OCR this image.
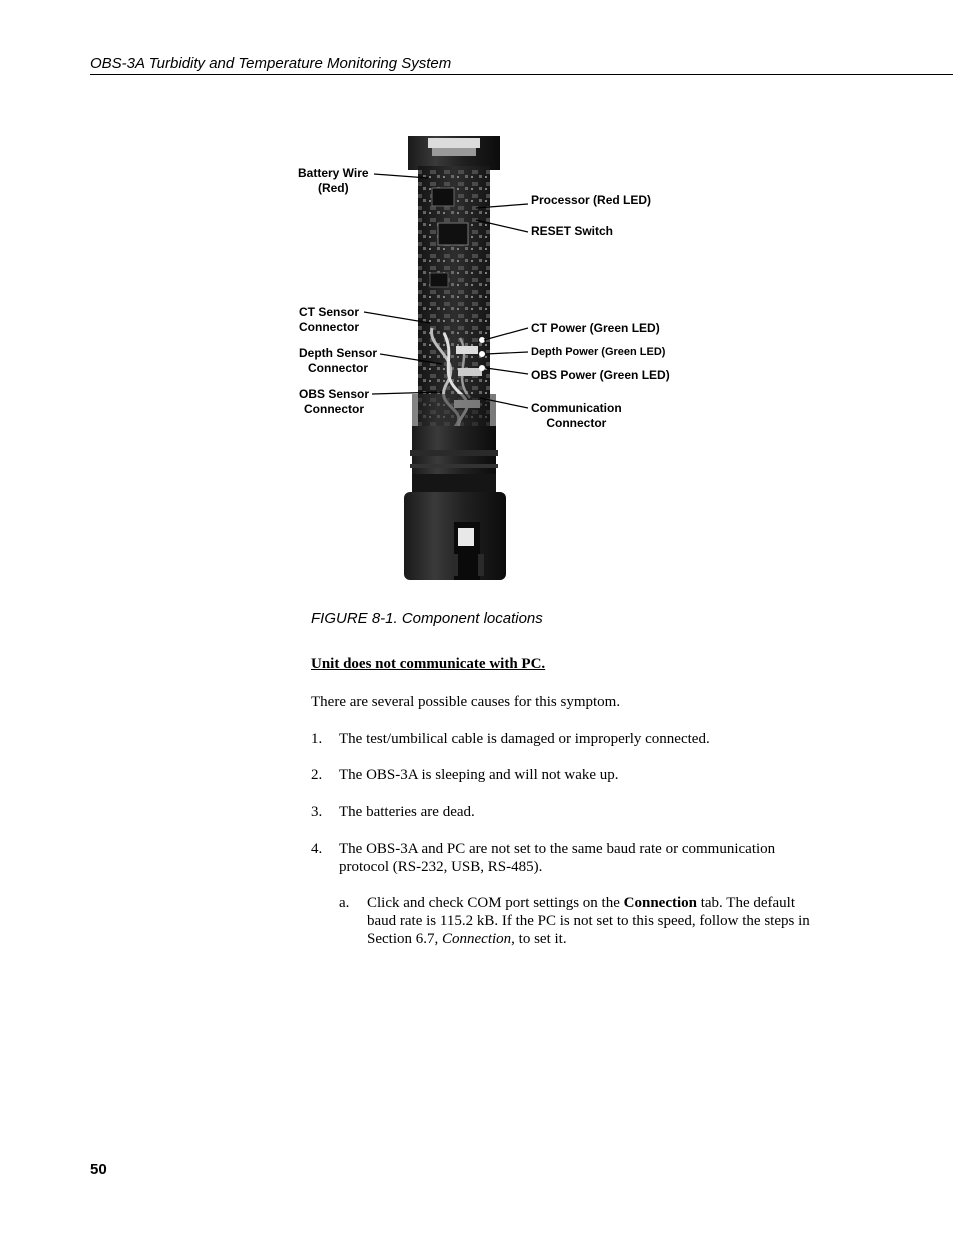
OBS-3A Turbidity and Temperature Monitoring System
Battery Wire
(Red)
Processor (Red LED)
RESET Switch
CT Sensor
Connector	CT Power (Green LED)
Depth Sensor
Connector
Depth Power (Green LED)
OBS Power (Green LED)
OBS Sensor
Connector	Communication
Connector
FIGURE 8-1. Component locations
Unit does not communicate with PC.
There are several possible causes for this symptom.
1. The test/umbilical cable is damaged or improperly connected.
2. The OBS-3A is sleeping and will not wake up.
3. The batteries are dead.
4. The OBS-3A and PC are not set to the same baud rate or communication protocol (RS-232, USB, RS-485).
a. Click and check COM port settings on the Connection tab. The default baud rate is 115.2 kB. If the PC is not set to this speed, follow the steps in Section 6.7, Connection, to set it.
50
